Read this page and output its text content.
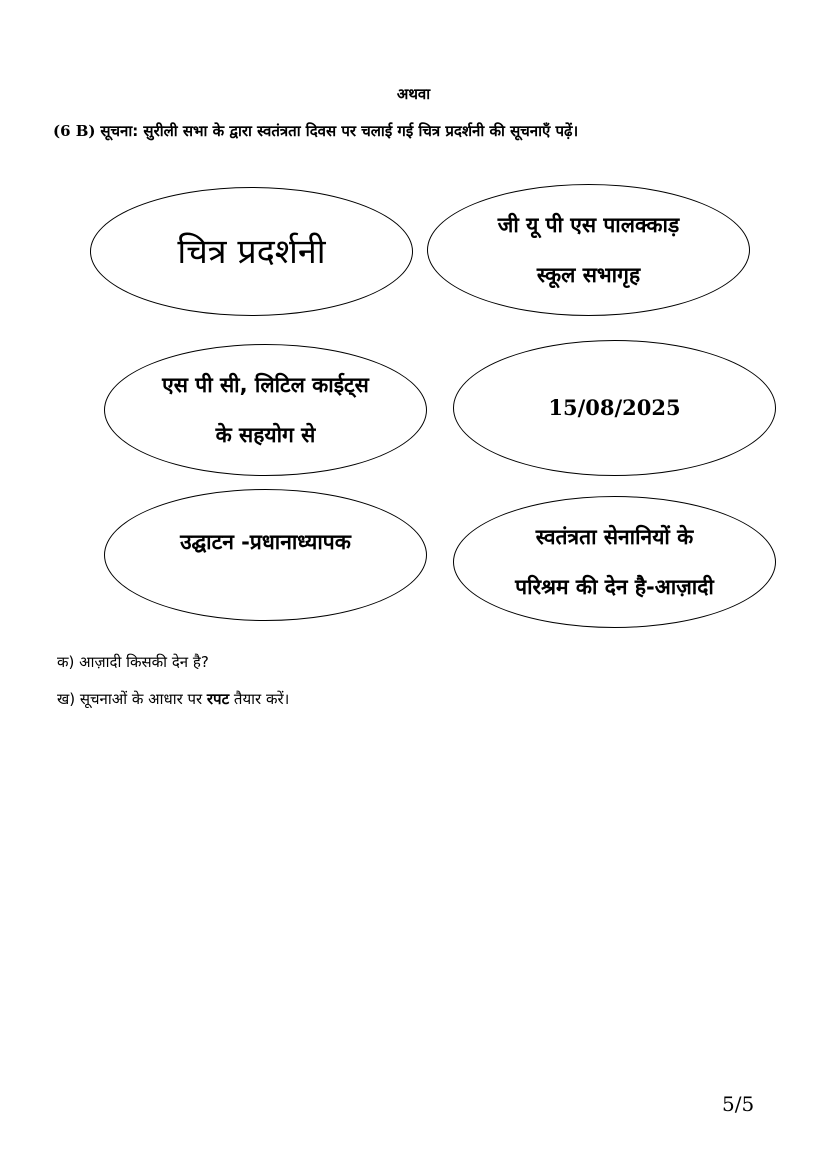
अथवा
(6 B) सूचना: सुरीली सभा के द्वारा स्वतंत्रता दिवस पर चलाई गई चित्र प्रदर्शनी की सूचनाएँ पढ़ें।
चित्र प्रदर्शनी
जी यू पी एस पालक्काड़
स्कूल सभागृह
एस पी सी, लिटिल काईट्स
के सहयोग से
15/08/2025
उद्घाटन -प्रधानाध्यापक	स्वतंत्रता सेनानियों के
परिश्रम की देन है-आज़ादी
क) आज़ादी किसकी देन है?
ख) सूचनाओं के आधार पर रपट तैयार करें।
5/5
